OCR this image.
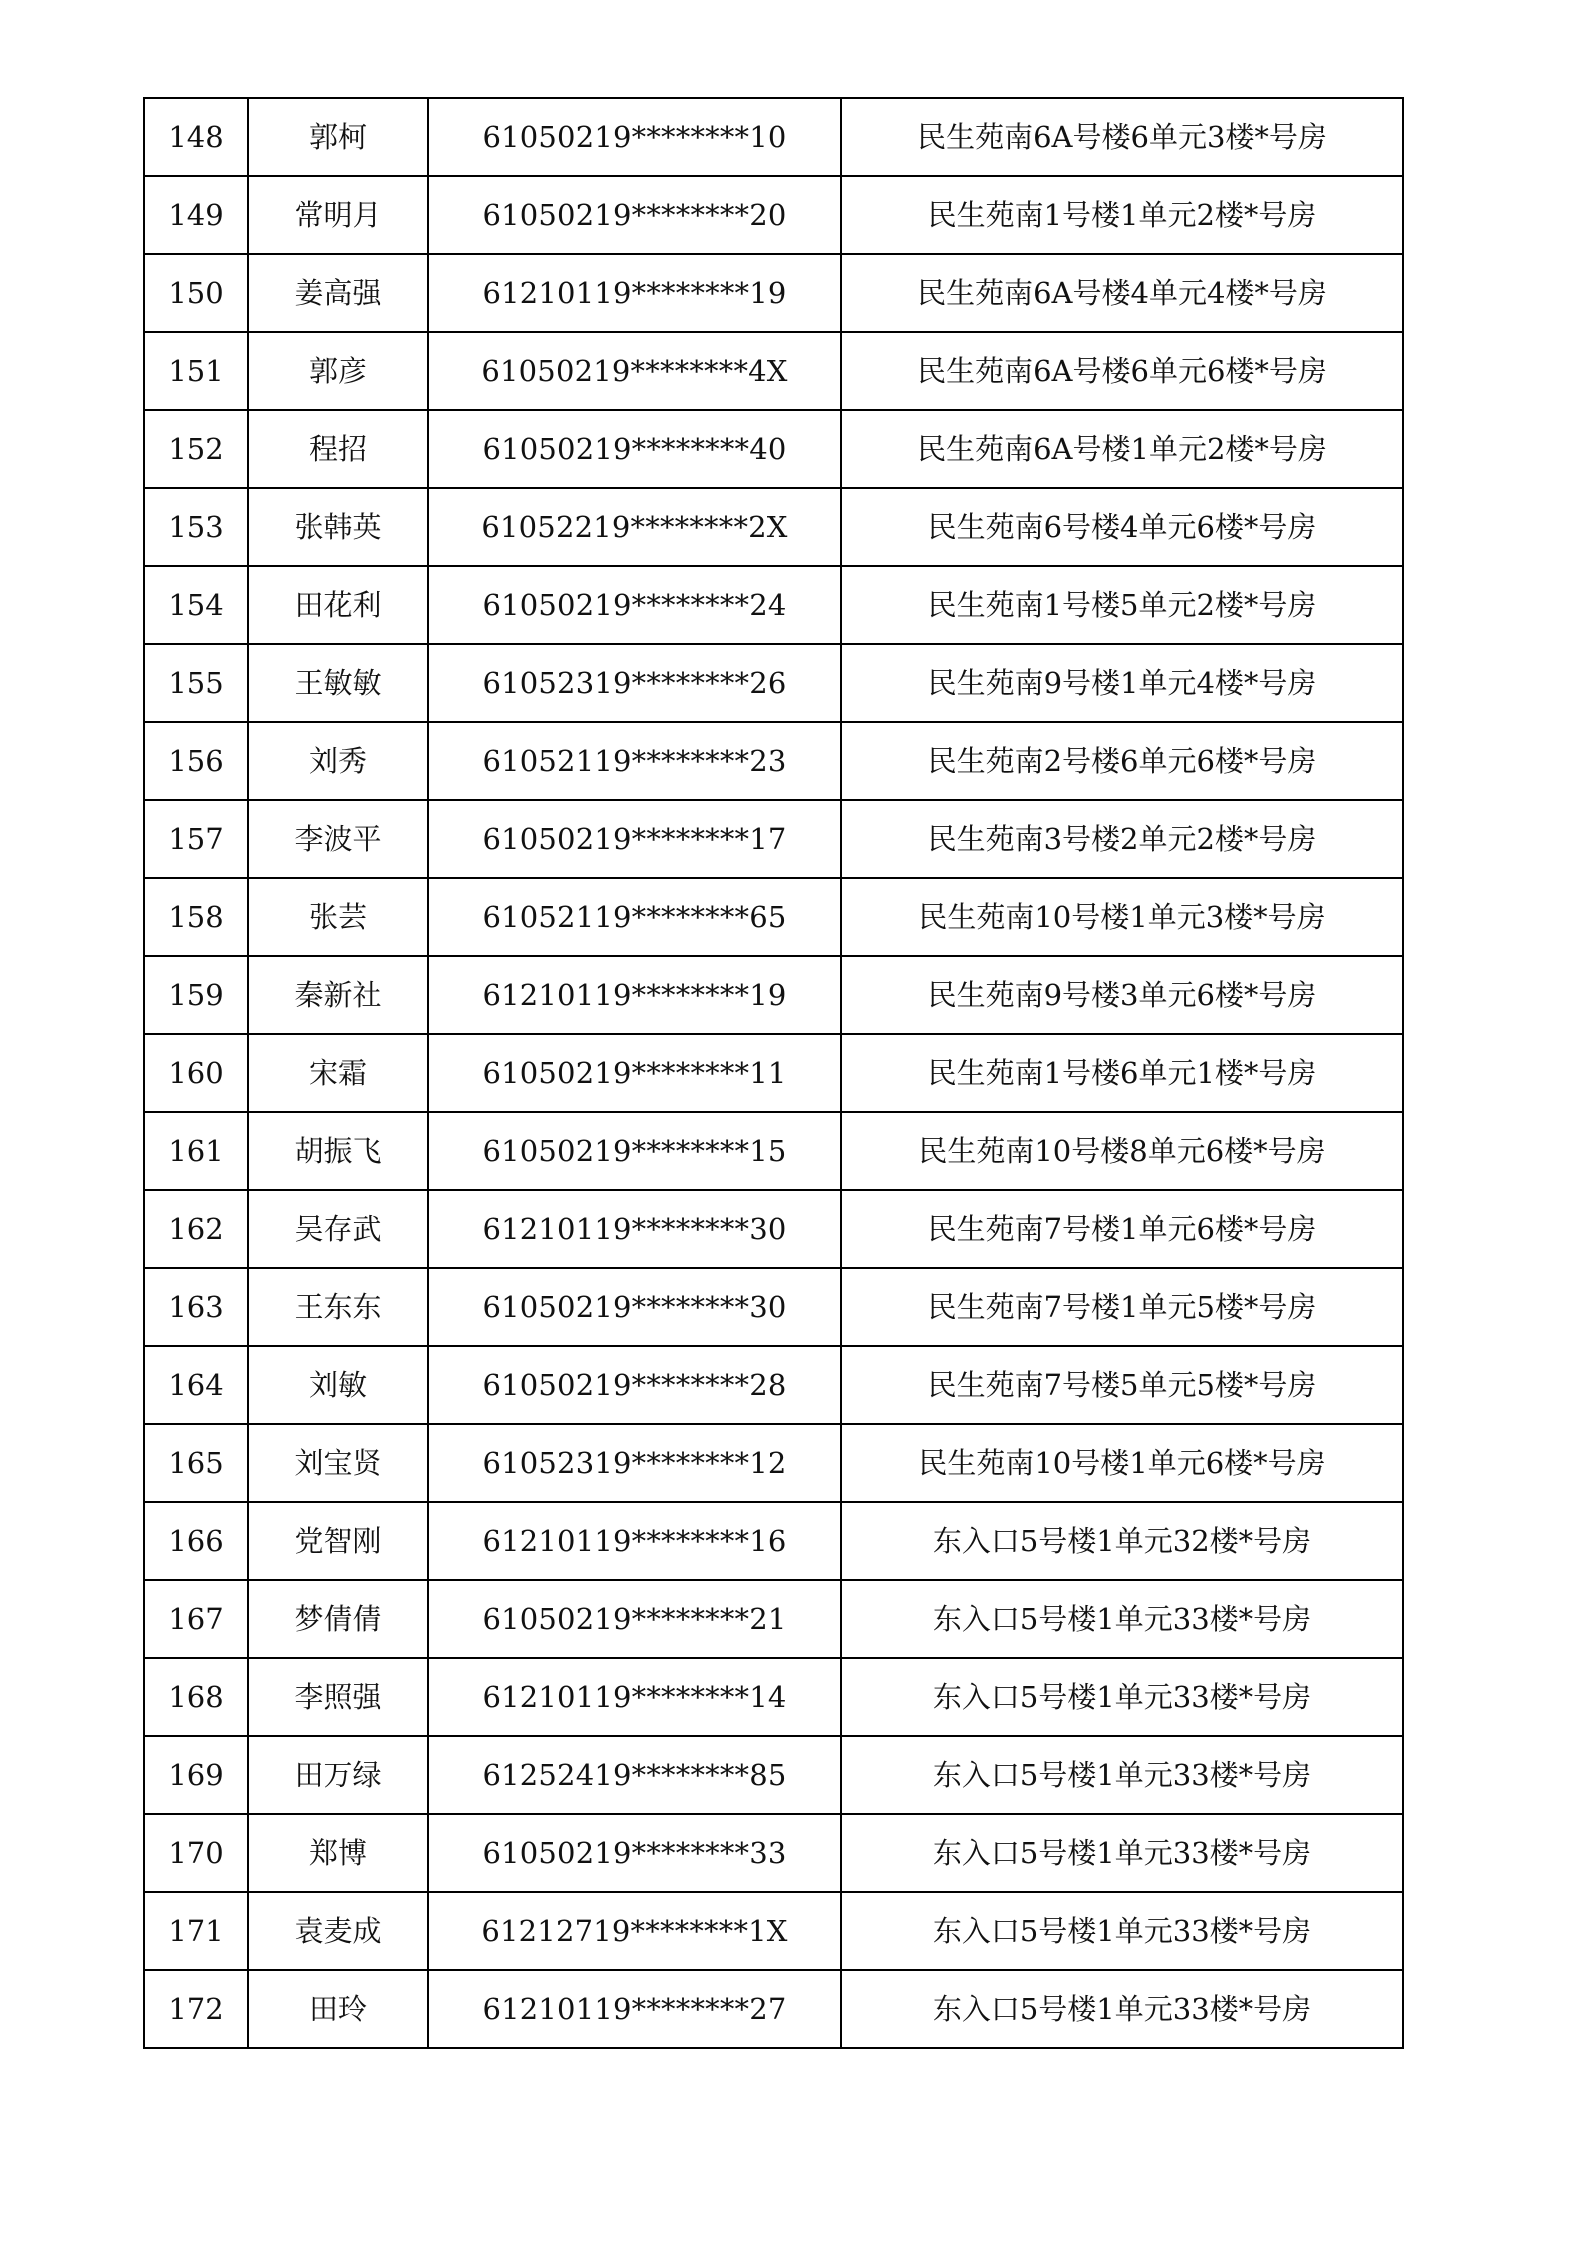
148	郭柯	61050219********10	民生苑南6A号楼6单元3楼*号房
149	常明月	61050219********20	民生苑南1号楼1单元2楼*号房
150	姜高强	61210119********19	民生苑南6A号楼4单元4楼*号房
151	郭彦	61050219********4X	民生苑南6A号楼6单元6楼*号房
152	程招	61050219********40	民生苑南6A号楼1单元2楼*号房
153	张韩英	61052219********2X	民生苑南6号楼4单元6楼*号房
154	田花利	61050219********24	民生苑南1号楼5单元2楼*号房
155	王敏敏	61052319********26	民生苑南9号楼1单元4楼*号房
156	刘秀	61052119********23	民生苑南2号楼6单元6楼*号房
157	李波平	61050219********17	民生苑南3号楼2单元2楼*号房
158	张芸	61052119********65	民生苑南10号楼1单元3楼*号房
159	秦新社	61210119********19	民生苑南9号楼3单元6楼*号房
160	宋霜	61050219********11	民生苑南1号楼6单元1楼*号房
161	胡振飞	61050219********15	民生苑南10号楼8单元6楼*号房
162	吴存武	61210119********30	民生苑南7号楼1单元6楼*号房
163	王东东	61050219********30	民生苑南7号楼1单元5楼*号房
164	刘敏	61050219********28	民生苑南7号楼5单元5楼*号房
165	刘宝贤	61052319********12	民生苑南10号楼1单元6楼*号房
166	党智刚	61210119********16	东入口5号楼1单元32楼*号房
167	梦倩倩	61050219********21	东入口5号楼1单元33楼*号房
168	李照强	61210119********14	东入口5号楼1单元33楼*号房
169	田万绿	61252419********85	东入口5号楼1单元33楼*号房
170	郑博	61050219********33	东入口5号楼1单元33楼*号房
171	袁麦成	61212719********1X	东入口5号楼1单元33楼*号房
172	田玲	61210119********27	东入口5号楼1单元33楼*号房
